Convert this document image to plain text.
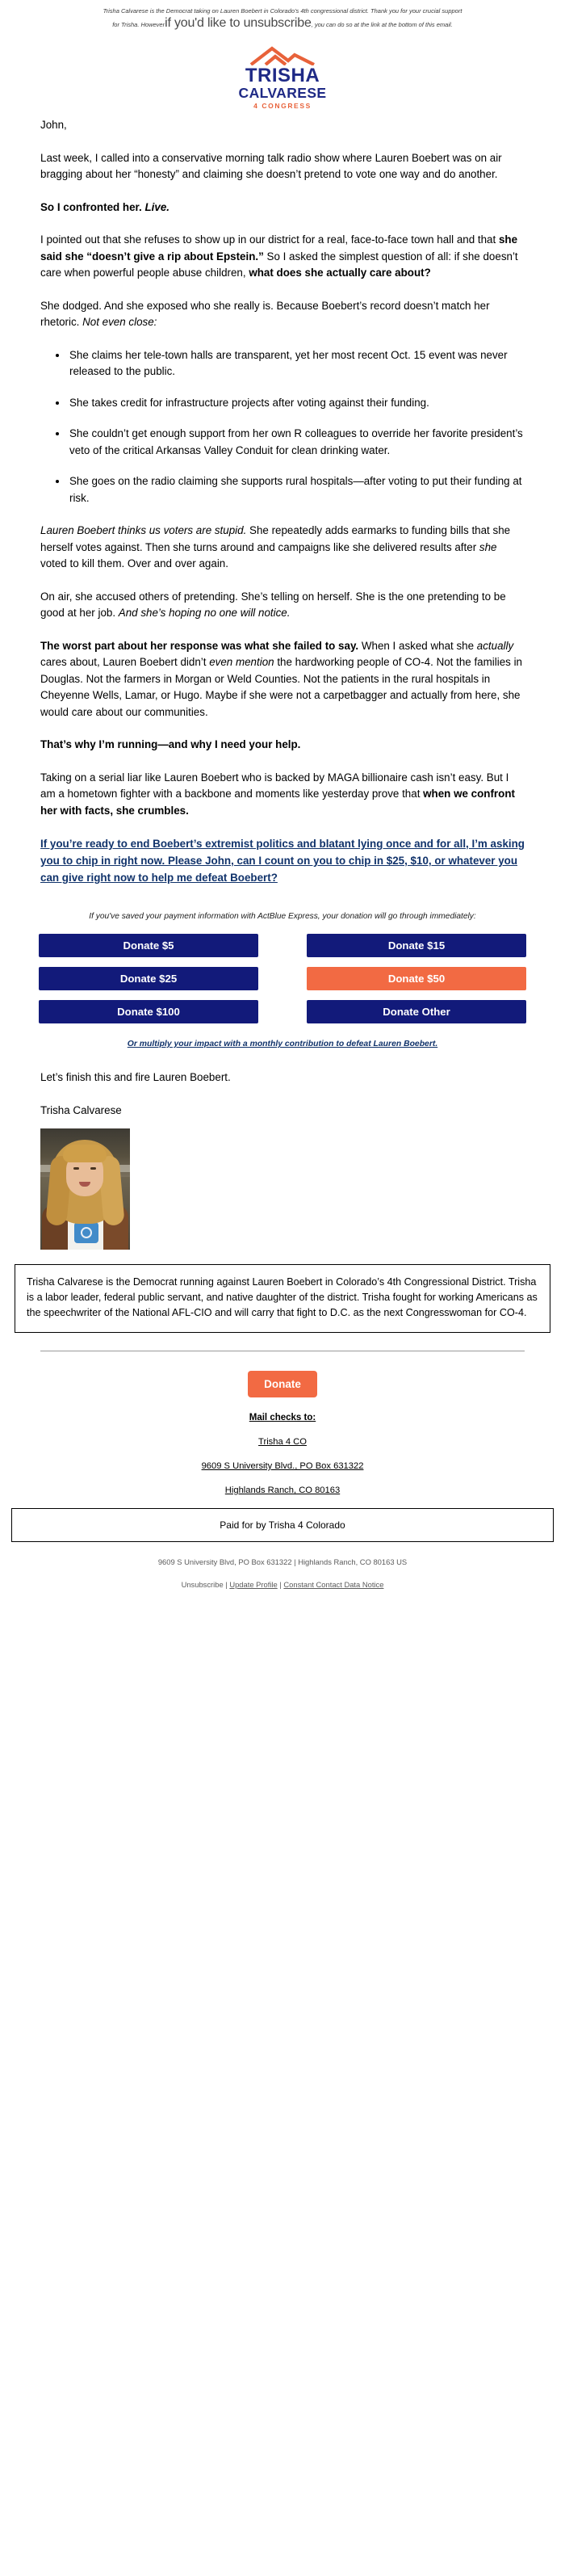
Trisha Calvarese is the Democrat taking on Lauren Boebert in Colorado's 4th congressional district. Thank you for your crucial support
for Trisha. Howeverif you'd like to unsubscribe, you can do so at the link at the bottom of this email.
TRISHA
CALVARESE
4 CONGRESS

John,

Last week, I called into a conservative morning talk radio show where Lauren Boebert was on air bragging about her “honesty” and claiming she doesn’t pretend to vote one way and do another.

So I confronted her. Live.

I pointed out that she refuses to show up in our district for a real, face-to-face town hall and that she said she “doesn’t give a rip about Epstein.” So I asked the simplest question of all: if she doesn’t care when powerful people abuse children, what does she actually care about?

She dodged. And she exposed who she really is. Because Boebert’s record doesn’t match her rhetoric. Not even close:

• She claims her tele-town halls are transparent, yet her most recent Oct. 15 event was never released to the public.
• She takes credit for infrastructure projects after voting against their funding.
• She couldn’t get enough support from her own R colleagues to override her favorite president’s veto of the critical Arkansas Valley Conduit for clean drinking water.
• She goes on the radio claiming she supports rural hospitals—after voting to put their funding at risk.

Lauren Boebert thinks us voters are stupid. She repeatedly adds earmarks to funding bills that she herself votes against. Then she turns around and campaigns like she delivered results after she voted to kill them. Over and over again.

On air, she accused others of pretending. She’s telling on herself. She is the one pretending to be good at her job. And she’s hoping no one will notice.

The worst part about her response was what she failed to say. When I asked what she actually cares about, Lauren Boebert didn’t even mention the hardworking people of CO-4. Not the families in Douglas. Not the farmers in Morgan or Weld Counties. Not the patients in the rural hospitals in Cheyenne Wells, Lamar, or Hugo. Maybe if she were not a carpetbagger and actually from here, she would care about our communities.

That’s why I’m running—and why I need your help.

Taking on a serial liar like Lauren Boebert who is backed by MAGA billionaire cash isn’t easy. But I am a hometown fighter with a backbone and moments like yesterday prove that when we confront her with facts, she crumbles.

If you’re ready to end Boebert’s extremist politics and blatant lying once and for all, I’m asking you to chip in right now. Please John, can I count on you to chip in $25, $10, or whatever you can give right now to help me defeat Boebert?
If you've saved your payment information with ActBlue Express, your donation will go through immediately:
Donate $5	Donate $15
Donate $25	Donate $50
Donate $100	Donate Other
Or multiply your impact with a monthly contribution to defeat Lauren Boebert.

Let’s finish this and fire Lauren Boebert.

Trisha Calvarese

Trisha Calvarese is the Democrat running against Lauren Boebert in Colorado’s 4th Congressional District. Trisha is a labor leader, federal public servant, and native daughter of the district. Trisha fought for working Americans as the speechwriter of the National AFL-CIO and will carry that fight to D.C. as the next Congresswoman for CO-4.

Donate
Mail checks to:
Trisha 4 CO
9609 S University Blvd., PO Box 631322
Highlands Ranch, CO 80163
Paid for by Trisha 4 Colorado
9609 S University Blvd, PO Box 631322 | Highlands Ranch, CO 80163 US
Unsubscribe | Update Profile | Constant Contact Data Notice
